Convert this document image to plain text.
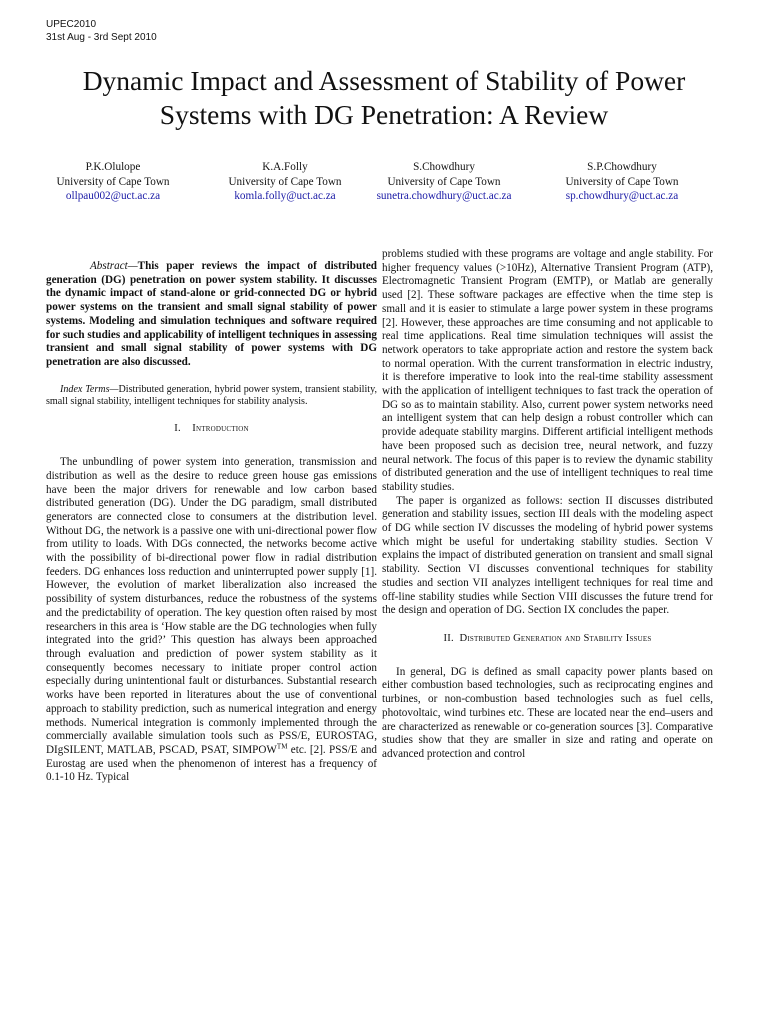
UPEC2010
31st Aug - 3rd Sept 2010
Dynamic Impact and Assessment of Stability of Power Systems with DG Penetration: A Review
P.K.Olulope
University of Cape Town
ollpau002@uct.ac.za
K.A.Folly
University of Cape Town
komla.folly@uct.ac.za
S.Chowdhury
University of Cape Town
sunetra.chowdhury@uct.ac.za
S.P.Chowdhury
University of Cape Town
sp.chowdhury@uct.ac.za

Abstract—This paper reviews the impact of distributed generation (DG) penetration on power system stability. It discusses the dynamic impact of stand-alone or grid-connected DG or hybrid power systems on the transient and small signal stability of power systems. Modeling and simulation techniques and software required for such studies and applicability of intelligent techniques in assessing transient and small signal stability of power systems with DG penetration are also discussed.

Index Terms—Distributed generation, hybrid power system, transient stability, small signal stability, intelligent techniques for stability analysis.

I. Introduction

The unbundling of power system into generation, transmission and distribution as well as the desire to reduce green house gas emissions have been the major drivers for renewable and low carbon based distributed generation (DG). Under the DG paradigm, small distributed generators are connected close to consumers at the distribution level. Without DG, the network is a passive one with uni-directional power flow from utility to loads. With DGs connected, the networks become active with the possibility of bi-directional power flow in radial distribution feeders. DG enhances loss reduction and uninterrupted power supply [1]. However, the evolution of market liberalization also increased the possibility of system disturbances, reduce the robustness of the systems and the predictability of operation. The key question often raised by most researchers in this area is ‘How stable are the DG technologies when fully integrated into the grid?’ This question has always been approached through evaluation and prediction of power system stability as it consequently becomes necessary to initiate proper control action especially during unintentional fault or disturbances. Substantial research works have been reported in literatures about the use of conventional approach to stability prediction, such as numerical integration and energy methods. Numerical integration is commonly implemented through the commercially available simulation tools such as PSS/E, EUROSTAG, DIgSILENT, MATLAB, PSCAD, PSAT, SIMPOW™ etc. [2]. PSS/E and Eurostag are used when the phenomenon of interest has a frequency of 0.1-10 Hz. Typical

problems studied with these programs are voltage and angle stability. For higher frequency values (>10Hz), Alternative Transient Program (ATP), Electromagnetic Transient Program (EMTP), or Matlab are generally used [2]. These software packages are effective when the time step is small and it is easier to stimulate a large power system in these programs [2]. However, these approaches are time consuming and not applicable to real time applications. Real time simulation techniques will assist the network operators to take appropriate action and restore the system back to normal operation. With the current transformation in electric industry, it is therefore imperative to look into the real-time stability assessment with the application of intelligent techniques to fast track the operation of DG so as to maintain stability. Also, current power system networks need an intelligent system that can help design a robust controller which can provide adequate stability margins. Different artificial intelligent methods have been proposed such as decision tree, neural network, and fuzzy neural network. The focus of this paper is to review the dynamic stability of distributed generation and the use of intelligent techniques to real time stability studies.

The paper is organized as follows: section II discusses distributed generation and stability issues, section III deals with the modeling aspect of DG while section IV discusses the modeling of hybrid power systems which might be useful for undertaking stability studies. Section V explains the impact of distributed generation on transient and small signal stability. Section VI discusses conventional techniques for stability studies and section VII analyzes intelligent techniques for real time and off-line stability studies while Section VIII discusses the future trend for the design and operation of DG. Section IX concludes the paper.

II. Distributed Generation and Stability Issues

In general, DG is defined as small capacity power plants based on either combustion based technologies, such as reciprocating engines and turbines, or non-combustion based technologies such as fuel cells, photovoltaic, wind turbines etc. These are located near the end–users and are characterized as renewable or co-generation sources [3]. Comparative studies show that they are smaller in size and rating and operate on advanced protection and control
